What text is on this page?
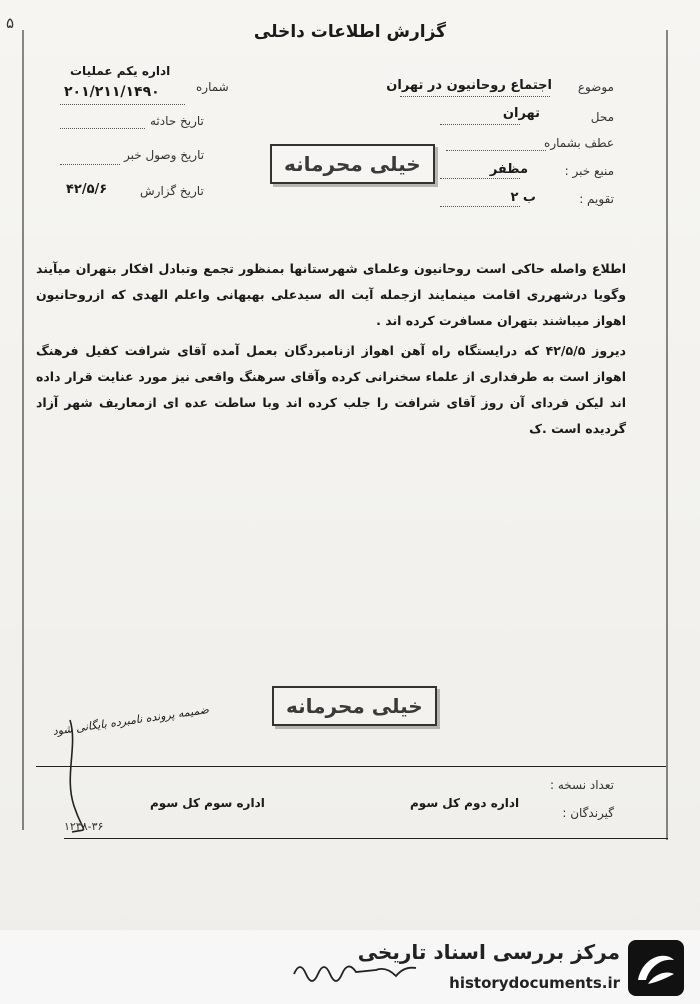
۵	گزارش اطلاعات داخلی
موضوع
اجتماع روحانیون در تهران
محل
تهران
عطف بشماره
منبع خبر :
مظفر
تقویم :
ب ۲
اداره یکم عملیات
شماره
۲۰۱/۲۱۱/۱۴۹۰
تاریخ حادثه
تاریخ وصول خبر
تاریخ گزارش
۴۲/۵/۶
خیلی محرمانه
اطلاع واصله حاکی است روحانیون وعلمای شهرستانها بمنظور تجمع وتبادل افکار بتهران میآیند وگویا درشهرری اقامت مینمایند ازجمله آیت اله سیدعلی بهبهانی واعلم الهدی که ازروحانیون اهواز میباشند بتهران مسافرت کرده اند .
دیروز ۴۲/۵/۵ که درایستگاه راه آهن اهواز ازنامبردگان بعمل آمده آقای شرافت کفیل فرهنگ اهواز است به طرفداری از علماء سخنرانی کرده وآقای سرهنگ واقعی نیز مورد عنایت قرار داده اند لیکن فردای آن روز آقای شرافت را جلب کرده اند وبا ساطت عده ای ازمعاریف شهر آزاد گردیده است .ک
خیلی محرمانه
ضمیمه پرونده نامبرده بایگانی شود
تعداد نسخه :
گیرندگان :
اداره دوم کل سوم
اداره سوم کل سوم
۱۲۳۸-۳۶
مرکز بررسی اسناد تاریخی
historydocuments.ir
